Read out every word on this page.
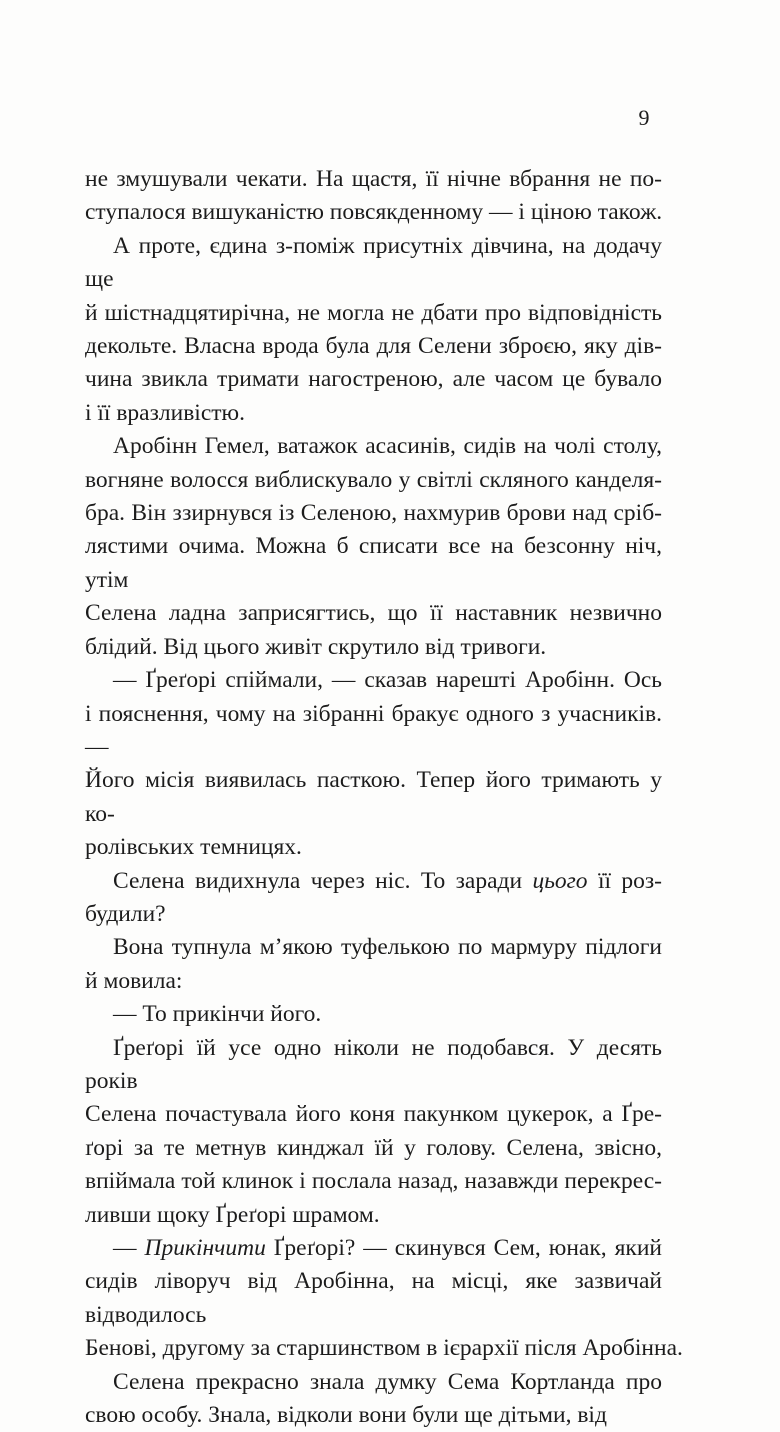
9
не змушували чекати. На щастя, її нічне вбрання не по-
ступалося вишуканістю повсякденному — і ціною також.
А проте, єдина з-поміж присутніх дівчина, на додачу ще
й шістнадцятирічна, не могла не дбати про відповідність
декольте. Власна врода була для Селени зброєю, яку дів-
чина звикла тримати нагостреною, але часом це бувало
і її вразливістю.
Аробінн Гемел, ватажок асасинів, сидів на чолі столу,
вогняне волосся виблискувало у світлі скляного канделя-
бра. Він ззирнувся із Селеною, нахмурив брови над сріб-
лястими очима. Можна б списати все на безсонну ніч, утім
Селена ладна заприсягтись, що її наставник незвично
блідий. Від цього живіт скрутило від тривоги.
— Ґреґорі спіймали, — сказав нарешті Аробінн. Ось
і пояснення, чому на зібранні бракує одного з учасників. —
Його місія виявилась пасткою. Тепер його тримають у ко-
ролівських темницях.
Селена видихнула через ніс. То заради цього її роз-
будили?
Вона тупнула м’якою туфелькою по мармуру підлоги
й мовила:
— То прикінчи його.
Ґреґорі їй усе одно ніколи не подобався. У десять років
Селена почастувала його коня пакунком цукерок, а Ґре-
ґорі за те метнув кинджал їй у голову. Селена, звісно,
впіймала той клинок і послала назад, назавжди перекрес-
ливши щоку Ґреґорі шрамом.
— Прикінчити Ґреґорі? — скинувся Сем, юнак, який
сидів ліворуч від Аробінна, на місці, яке зазвичай відводилось
Бенові, другому за старшинством в ієрархії після Аробінна.
Селена прекрасно знала думку Сема Кортланда про
свою особу. Знала, відколи вони були ще дітьми, від
